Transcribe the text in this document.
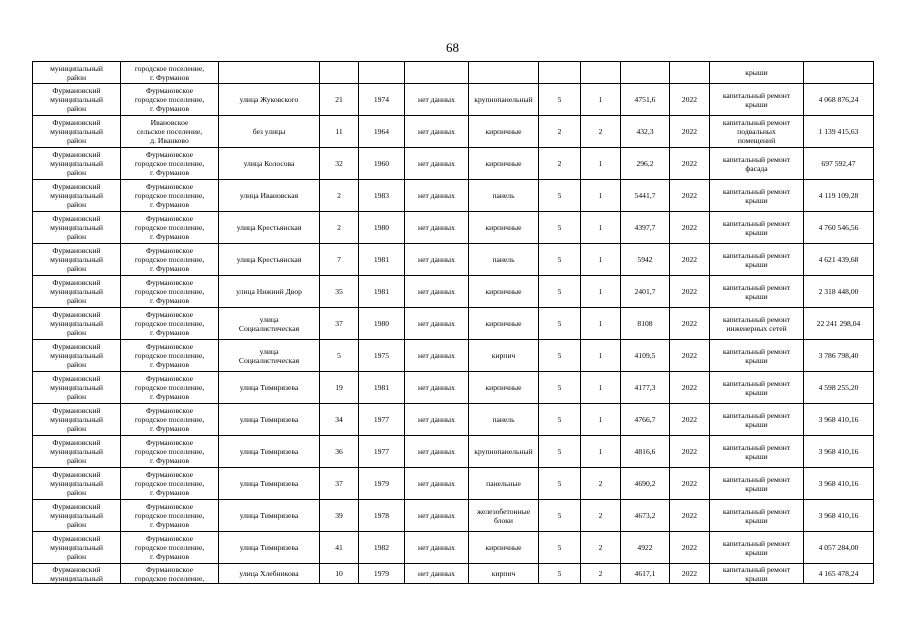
68
муниципальный
район	городское поселение,
г. Фурманов										крыши	
Фурмановский
муниципальный
район	Фурмановское
городское поселение,
г. Фурманов	улица Жуковского	21	1974	нет данных	крупнопанельный	5	1	4751,6	2022	капитальный ремонт
крыши	4 068 876,24
Фурмановский
муниципальный
район	Ивановское
сельское поселение,
д. Иванково	без улицы	11	1964	нет данных	кирпичные	2	2	432,3	2022	капитальный ремонт
подвальных
помещений	1 139 415,63
Фурмановский
муниципальный
район	Фурмановское
городское поселение,
г. Фурманов	улица Колосова	32	1960	нет данных	кирпичные	2	1	296,2	2022	капитальный ремонт
фасада	697 592,47
Фурмановский
муниципальный
район	Фурмановское
городское поселение,
г. Фурманов	улица Ивановская	2	1983	нет данных	панель	5	1	5441,7	2022	капитальный ремонт
крыши	4 119 109,28
Фурмановский
муниципальный
район	Фурмановское
городское поселение,
г. Фурманов	улица Крестьянская	2	1980	нет данных	кирпичные	5	1	4397,7	2022	капитальный ремонт
крыши	4 760 546,56
Фурмановский
муниципальный
район	Фурмановское
городское поселение,
г. Фурманов	улица Крестьянская	7	1981	нет данных	панель	5	1	5942	2022	капитальный ремонт
крыши	4 621 439,68
Фурмановский
муниципальный
район	Фурмановское
городское поселение,
г. Фурманов	улица Нижний Двор	35	1981	нет данных	кирпичные	5	1	2401,7	2022	капитальный ремонт
крыши	2 318 448,00
Фурмановский
муниципальный
район	Фурмановское
городское поселение,
г. Фурманов	улица
Социалистическая	37	1980	нет данных	кирпичные	5	1	8108	2022	капитальный ремонт
инженерных сетей	22 241 298,04
Фурмановский
муниципальный
район	Фурмановское
городское поселение,
г. Фурманов	улица
Социалистическая	5	1975	нет данных	кирпич	5	1	4109,5	2022	капитальный ремонт
крыши	3 786 798,40
Фурмановский
муниципальный
район	Фурмановское
городское поселение,
г. Фурманов	улица Тимирязева	19	1981	нет данных	кирпичные	5	1	4177,3	2022	капитальный ремонт
крыши	4 598 255,20
Фурмановский
муниципальный
район	Фурмановское
городское поселение,
г. Фурманов	улица Тимирязева	34	1977	нет данных	панель	5	1	4766,7	2022	капитальный ремонт
крыши	3 968 410,16
Фурмановский
муниципальный
район	Фурмановское
городское поселение,
г. Фурманов	улица Тимирязева	36	1977	нет данных	крупнопанельный	5	1	4816,6	2022	капитальный ремонт
крыши	3 968 410,16
Фурмановский
муниципальный
район	Фурмановское
городское поселение,
г. Фурманов	улица Тимирязева	37	1979	нет данных	панельные	5	2	4690,2	2022	капитальный ремонт
крыши	3 968 410,16
Фурмановский
муниципальный
район	Фурмановское
городское поселение,
г. Фурманов	улица Тимирязева	39	1978	нет данных	железобетонные
блоки	5	2	4673,2	2022	капитальный ремонт
крыши	3 968 410,16
Фурмановский
муниципальный
район	Фурмановское
городское поселение,
г. Фурманов	улица Тимирязева	41	1982	нет данных	кирпичные	5	2	4922	2022	капитальный ремонт
крыши	4 057 284,00
Фурмановский
муниципальный	Фурмановское
городское поселение,	улица Хлебникова	10	1979	нет данных	кирпич	5	2	4617,1	2022	капитальный ремонт
крыши	4 165 478,24
